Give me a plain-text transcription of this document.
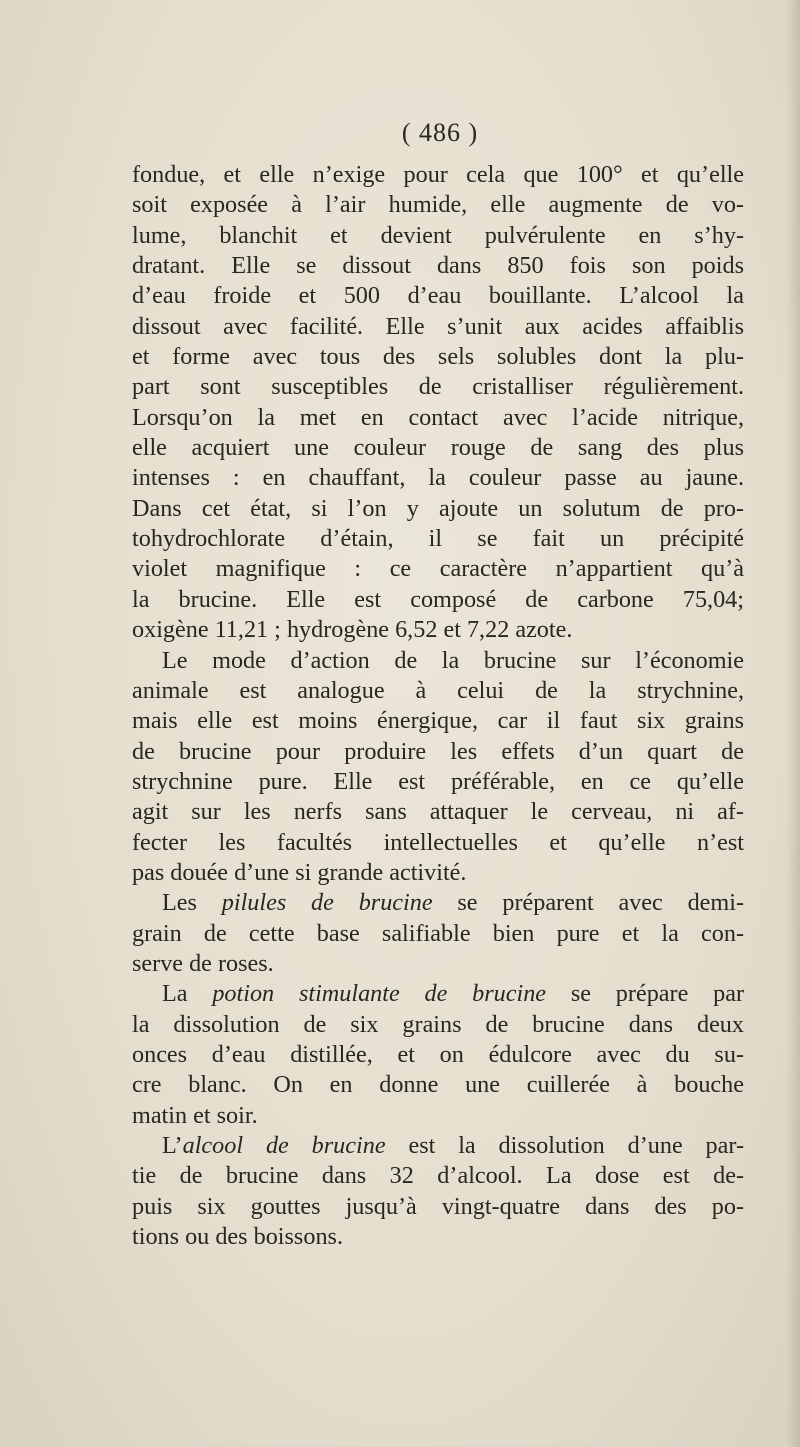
( 486 )
fondue, et elle n’exige pour cela que 100° et qu’elle
soit exposée à l’air humide, elle augmente de vo-
lume, blanchit et devient pulvérulente en s’hy-
dratant. Elle se dissout dans 850 fois son poids
d’eau froide et 500 d’eau bouillante. L’alcool la
dissout avec facilité. Elle s’unit aux acides affaiblis
et forme avec tous des sels solubles dont la plu-
part sont susceptibles de cristalliser régulièrement.
Lorsqu’on la met en contact avec l’acide nitrique,
elle acquiert une couleur rouge de sang des plus
intenses : en chauffant, la couleur passe au jaune.
Dans cet état, si l’on y ajoute un solutum de pro-
tohydrochlorate d’étain, il se fait un précipité
violet magnifique : ce caractère n’appartient qu’à
la brucine. Elle est composé de carbone 75,04;
oxigène 11,21 ; hydrogène 6,52 et 7,22 azote.
Le mode d’action de la brucine sur l’économie
animale est analogue à celui de la strychnine,
mais elle est moins énergique, car il faut six grains
de brucine pour produire les effets d’un quart de
strychnine pure. Elle est préférable, en ce qu’elle
agit sur les nerfs sans attaquer le cerveau, ni af-
fecter les facultés intellectuelles et qu’elle n’est
pas douée d’une si grande activité.
Les pilules de brucine se préparent avec demi-
grain de cette base salifiable bien pure et la con-
serve de roses.
La potion stimulante de brucine se prépare par
la dissolution de six grains de brucine dans deux
onces d’eau distillée, et on édulcore avec du su-
cre blanc. On en donne une cuillerée à bouche
matin et soir.
L’alcool de brucine est la dissolution d’une par-
tie de brucine dans 32 d’alcool. La dose est de-
puis six gouttes jusqu’à vingt-quatre dans des po-
tions ou des boissons.
